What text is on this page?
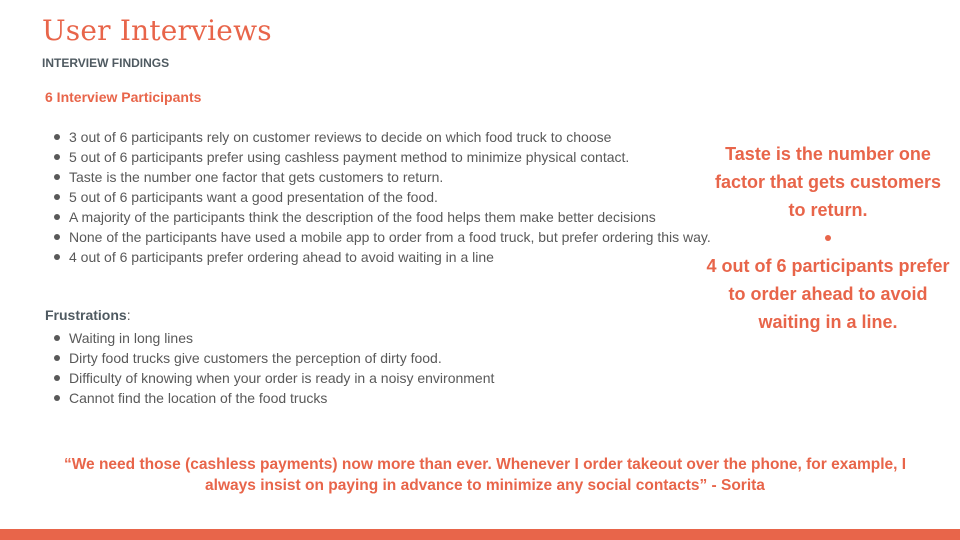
User Interviews
INTERVIEW FINDINGS
6 Interview Participants
3 out of 6 participants rely on customer reviews to decide on which food truck to choose
5 out of 6 participants prefer using cashless payment method to minimize physical contact.
Taste is the number one factor that gets customers to return.
5 out of 6 participants want a good presentation of the food.
A majority of the participants think the description of the food helps them make better decisions
None of the participants have used a mobile app to order from a food truck, but prefer ordering this way.
4 out of 6 participants prefer ordering ahead to avoid waiting in a line
Frustrations:
Waiting in long lines
Dirty food trucks give customers the perception of dirty food.
Difficulty of knowing when your order is ready in a noisy environment
Cannot find the location of the food trucks
Taste is the number one factor that gets customers to return.
4 out of 6 participants prefer to order ahead to avoid waiting in a line.
“We need those (cashless payments) now more than ever. Whenever I order takeout over the phone, for example, I always insist on paying in advance to minimize any social contacts” - Sorita
